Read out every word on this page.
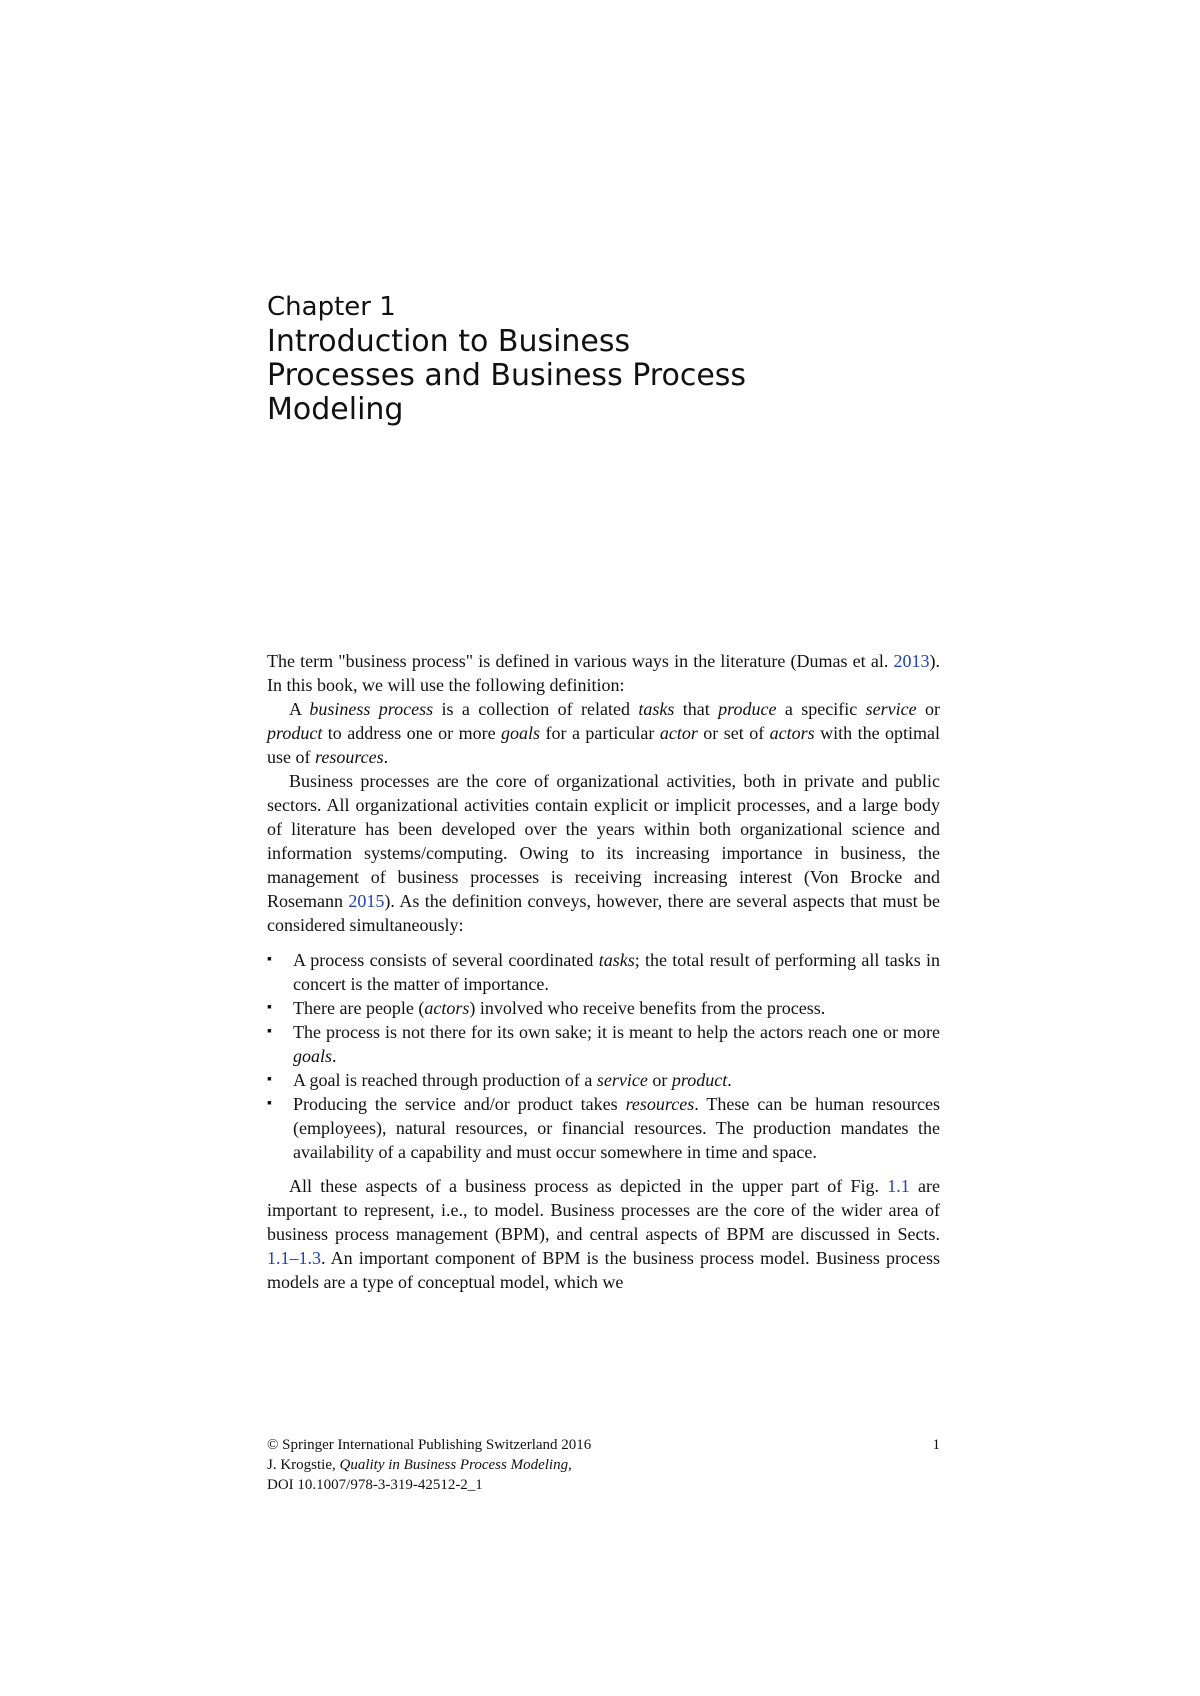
Chapter 1
Introduction to Business
Processes and Business Process
Modeling

The term "business process" is defined in various ways in the literature (Dumas et al. 2013). In this book, we will use the following definition:

A business process is a collection of related tasks that produce a specific service or product to address one or more goals for a particular actor or set of actors with the optimal use of resources.

Business processes are the core of organizational activities, both in private and public sectors. All organizational activities contain explicit or implicit processes, and a large body of literature has been developed over the years within both organizational science and information systems/computing. Owing to its increasing importance in business, the management of business processes is receiving increasing interest (Von Brocke and Rosemann 2015). As the definition conveys, however, there are several aspects that must be considered simultaneously:

▪ A process consists of several coordinated tasks; the total result of performing all tasks in concert is the matter of importance.
▪ There are people (actors) involved who receive benefits from the process.
▪ The process is not there for its own sake; it is meant to help the actors reach one or more goals.
▪ A goal is reached through production of a service or product.
▪ Producing the service and/or product takes resources. These can be human resources (employees), natural resources, or financial resources. The production mandates the availability of a capability and must occur somewhere in time and space.

All these aspects of a business process as depicted in the upper part of Fig. 1.1 are important to represent, i.e., to model. Business processes are the core of the wider area of business process management (BPM), and central aspects of BPM are discussed in Sects. 1.1–1.3. An important component of BPM is the business process model. Business process models are a type of conceptual model, which we

© Springer International Publishing Switzerland 2016	1
J. Krogstie, Quality in Business Process Modeling,
DOI 10.1007/978-3-319-42512-2_1
